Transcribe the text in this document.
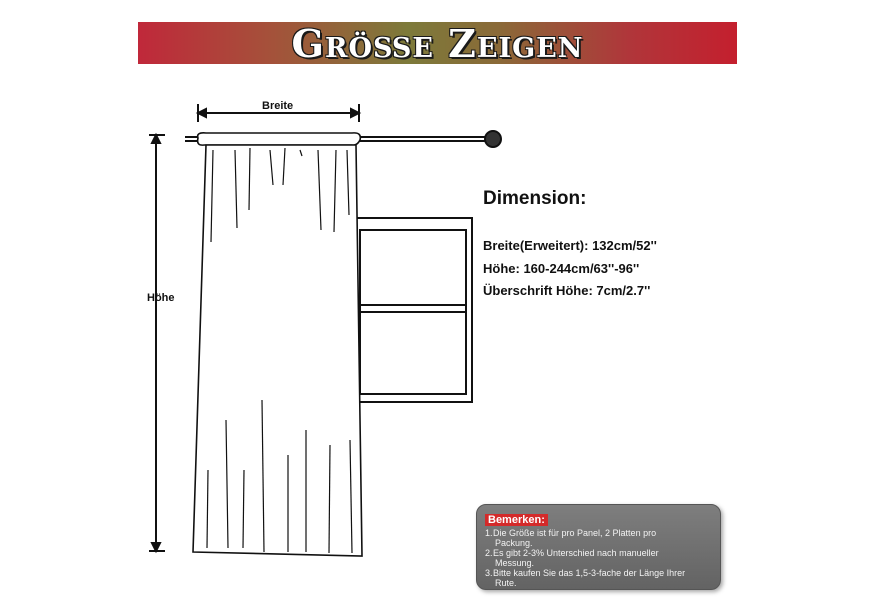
Größe Zeigen
Breite
Höhe
Dimension:
Breite(Erweitert): 132cm/52''
Höhe: 160-244cm/63''-96''
Überschrift Höhe: 7cm/2.7''
Bemerken:

1.Die Größe ist für pro Panel, 2 Platten pro
Packung.

2.Es gibt 2-3% Unterschied nach manueller
Messung.

3.Bitte kaufen Sie das 1,5-3-fache der Länge Ihrer
Rute.
